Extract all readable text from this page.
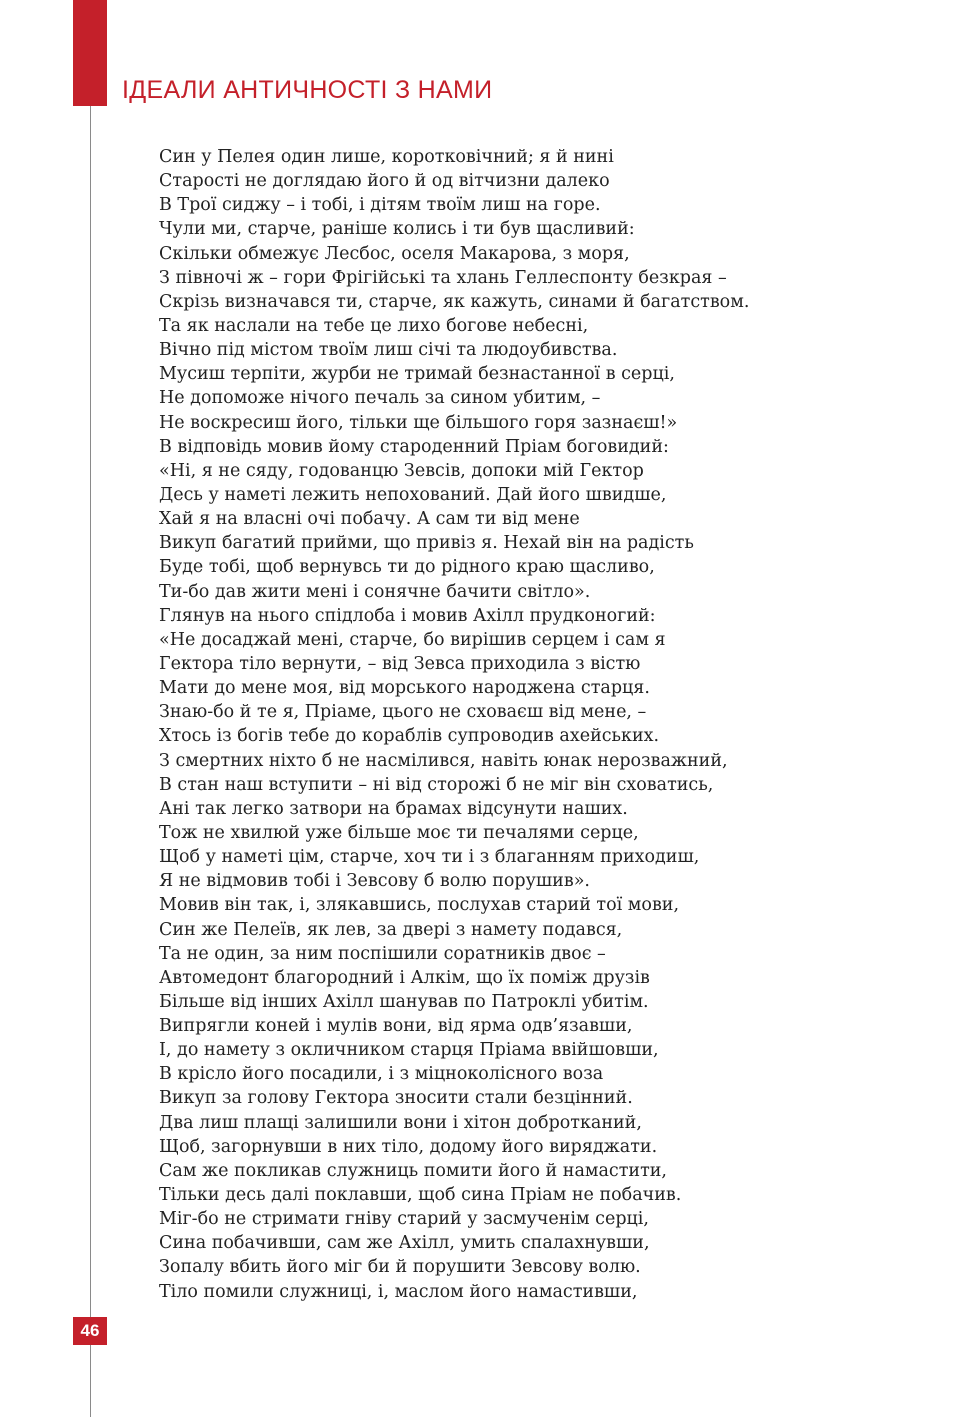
ІДЕАЛИ АНТИЧНОСТІ З НАМИ
Син у Пелея один лише, коротковічний; я й нині
Старості не доглядаю його й од вітчизни далеко
В Трої сиджу – і тобі, і дітям твоїм лиш на горе.
Чули ми, старче, раніше колись і ти був щасливий:
Скільки обмежує Лесбос, оселя Макарова, з моря,
З півночі ж – гори Фрігійські та хлань Геллеспонту безкрая –
Скрізь визначався ти, старче, як кажуть, синами й багатством.
Та як наслали на тебе це лихо богове небесні,
Вічно під містом твоїм лиш січі та людоубивства.
Мусиш терпіти, журби не тримай безнастанної в серці,
Не допоможе нічого печаль за сином убитим, –
Не воскресиш його, тільки ще більшого горя зазнаєш!»
В відповідь мовив йому староденний Пріам боговидий:
«Ні, я не сяду, годованцю Зевсів, допоки мій Гектор
Десь у наметі лежить непохований. Дай його швидше,
Хай я на власні очі побачу. А сам ти від мене
Викуп багатий прийми, що привіз я. Нехай він на радість
Буде тобі, щоб вернувсь ти до рідного краю щасливо,
Ти-бо дав жити мені і сонячне бачити світло».
Глянув на нього спідлоба і мовив Ахілл прудконогий:
«Не досаджай мені, старче, бо вирішив серцем і сам я
Гектора тіло вернути, – від Зевса приходила з вістю
Мати до мене моя, від морського народжена старця.
Знаю-бо й те я, Пріаме, цього не сховаєш від мене, –
Хтось із богів тебе до кораблів супроводив ахейських.
З смертних ніхто б не насмілився, навіть юнак нерозважний,
В стан наш вступити – ні від сторожі б не міг він сховатись,
Ані так легко затвори на брамах відсунути наших.
Тож не хвилюй уже більше моє ти печалями серце,
Щоб у наметі цім, старче, хоч ти і з благанням приходиш,
Я не відмовив тобі і Зевсову б волю порушив».
Мовив він так, і, злякавшись, послухав старий тої мови,
Син же Пелеїв, як лев, за двері з намету подався,
Та не один, за ним поспішили соратників двоє –
Автомедонт благородний і Алкім, що їх поміж друзів
Більше від інших Ахілл шанував по Патроклі убитім.
Випрягли коней і мулів вони, від ярма одв’язавши,
І, до намету з окличником старця Пріама ввійшовши,
В крісло його посадили, і з міцноколісного воза
Викуп за голову Гектора зносити стали безцінний.
Два лиш плащі залишили вони і хітон добротканий,
Щоб, загорнувши в них тіло, додому його виряджати.
Сам же покликав служниць помити його й намастити,
Тільки десь далі поклавши, щоб сина Пріам не побачив.
Міг-бо не стримати гніву старий у засмученім серці,
Сина побачивши, сам же Ахілл, умить спалахнувши,
Зопалу вбить його міг би й порушити Зевсову волю.
Тіло помили служниці, і, маслом його намастивши,
46
